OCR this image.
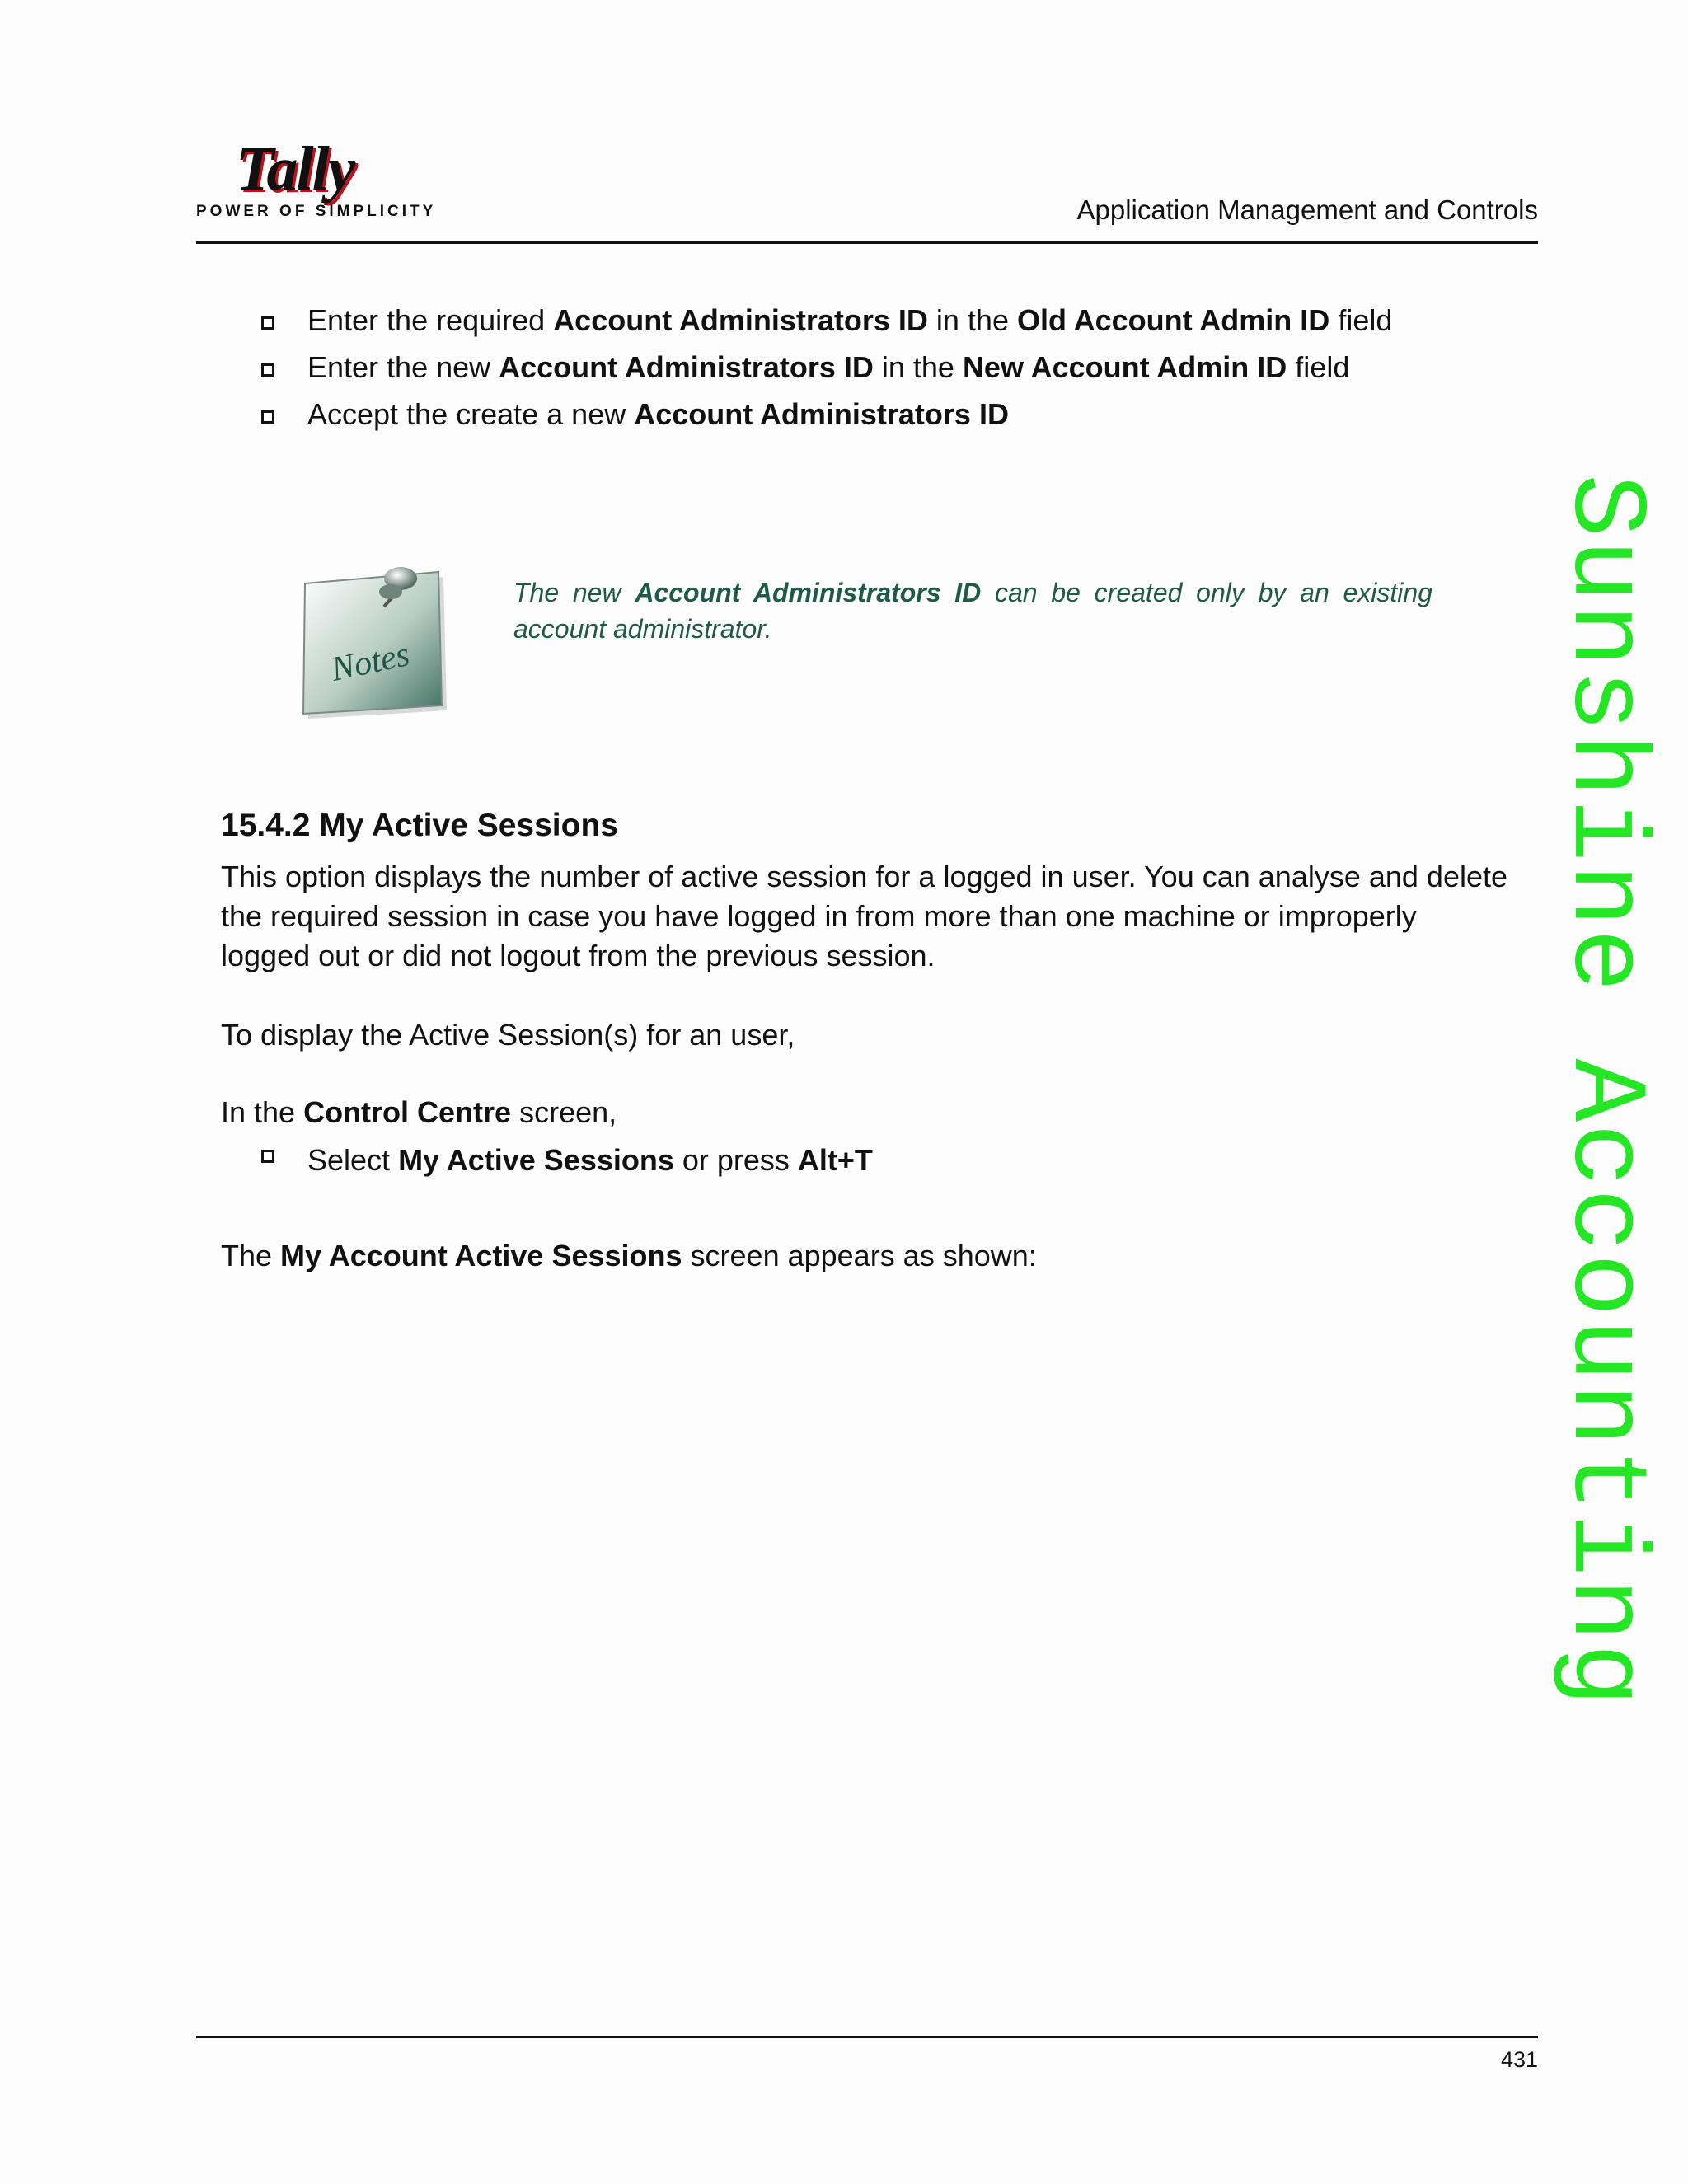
Tally
POWER OF SIMPLICITY	Application Management and Controls
Enter the required Account Administrators ID in the Old Account Admin ID field
Enter the new Account Administrators ID in the New Account Admin ID field
Accept the create a new Account Administrators ID
Notes
The new Account Administrators ID can be created only by an existing account administrator.
15.4.2 My Active Sessions
This option displays the number of active session for a logged in user. You can analyse and delete
the required session in case you have logged in from more than one machine or improperly
logged out or did not logout from the previous session.
To display the Active Session(s) for an user,
In the Control Centre screen,
Select My Active Sessions or press Alt+T
The My Account Active Sessions screen appears as shown:
431
Sunshine Accounting
